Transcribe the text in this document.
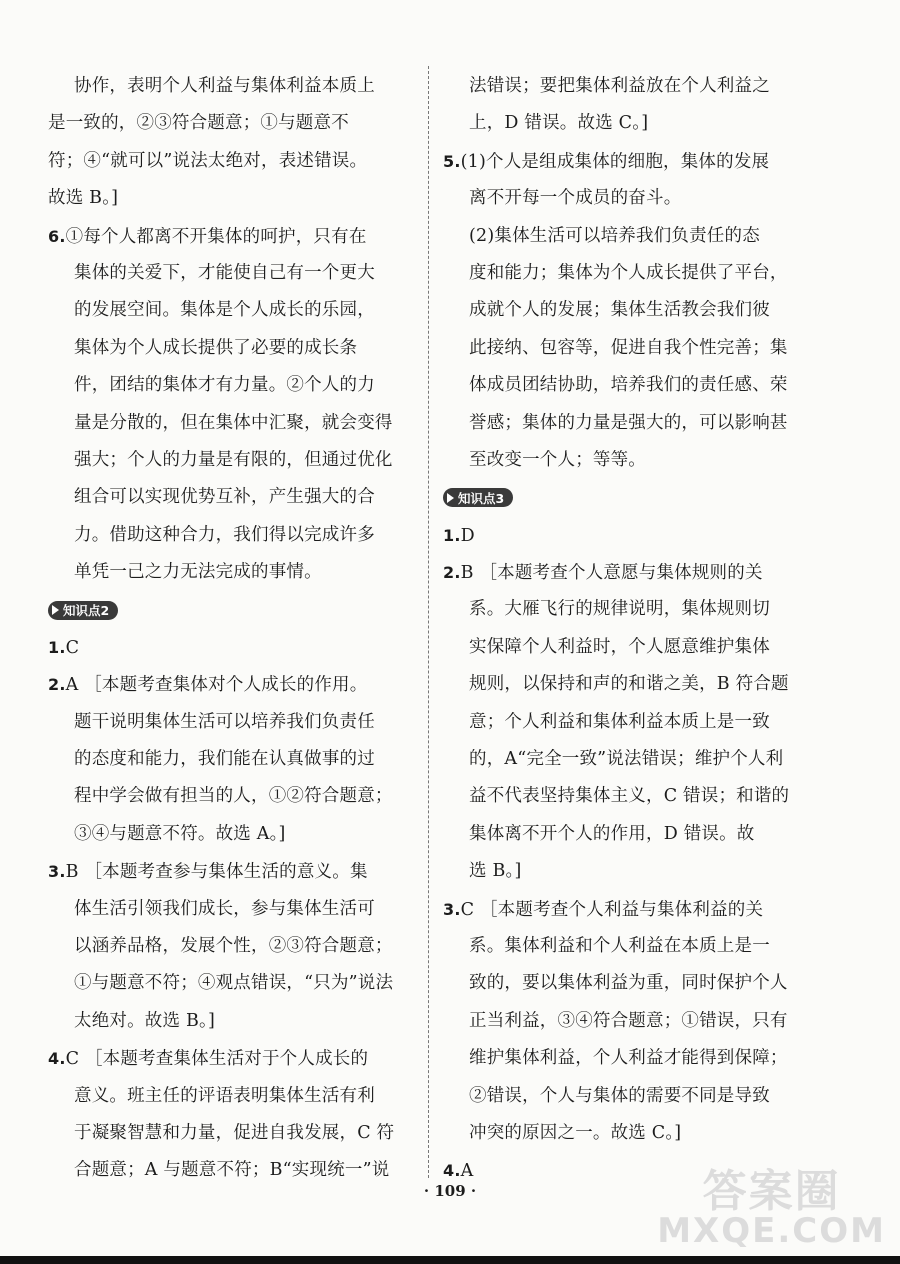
协作，表明个人利益与集体利益本质上
是一致的，②③符合题意；①与题意不
符；④“就可以”说法太绝对，表述错误。
故选 B。]
6.①每个人都离不开集体的呵护，只有在
集体的关爱下，才能使自己有一个更大
的发展空间。集体是个人成长的乐园，
集体为个人成长提供了必要的成长条
件，团结的集体才有力量。②个人的力
量是分散的，但在集体中汇聚，就会变得
强大；个人的力量是有限的，但通过优化
组合可以实现优势互补，产生强大的合
力。借助这种合力，我们得以完成许多
单凭一己之力无法完成的事情。
知识点2
1.C
2.A ［本题考查集体对个人成长的作用。
题干说明集体生活可以培养我们负责任
的态度和能力，我们能在认真做事的过
程中学会做有担当的人，①②符合题意；
③④与题意不符。故选 A。]
3.B ［本题考查参与集体生活的意义。集
体生活引领我们成长，参与集体生活可
以涵养品格，发展个性，②③符合题意；
①与题意不符；④观点错误，“只为”说法
太绝对。故选 B。]
4.C ［本题考查集体生活对于个人成长的
意义。班主任的评语表明集体生活有利
于凝聚智慧和力量，促进自我发展，C 符
合题意；A 与题意不符；B“实现统一”说
法错误；要把集体利益放在个人利益之
上，D 错误。故选 C。]
5.(1)个人是组成集体的细胞，集体的发展
离不开每一个成员的奋斗。
(2)集体生活可以培养我们负责任的态
度和能力；集体为个人成长提供了平台，
成就个人的发展；集体生活教会我们彼
此接纳、包容等，促进自我个性完善；集
体成员团结协助，培养我们的责任感、荣
誉感；集体的力量是强大的，可以影响甚
至改变一个人；等等。
知识点3
1.D
2.B ［本题考查个人意愿与集体规则的关
系。大雁飞行的规律说明，集体规则切
实保障个人利益时，个人愿意维护集体
规则，以保持和声的和谐之美，B 符合题
意；个人利益和集体利益本质上是一致
的，A“完全一致”说法错误；维护个人利
益不代表坚持集体主义，C 错误；和谐的
集体离不开个人的作用，D 错误。故
选 B。]
3.C ［本题考查个人利益与集体利益的关
系。集体利益和个人利益在本质上是一
致的，要以集体利益为重，同时保护个人
正当利益，③④符合题意；①错误，只有
维护集体利益，个人利益才能得到保障；
②错误，个人与集体的需要不同是导致
冲突的原因之一。故选 C。]
4.A
· 109 ·	答案圈
MXQE.COM
